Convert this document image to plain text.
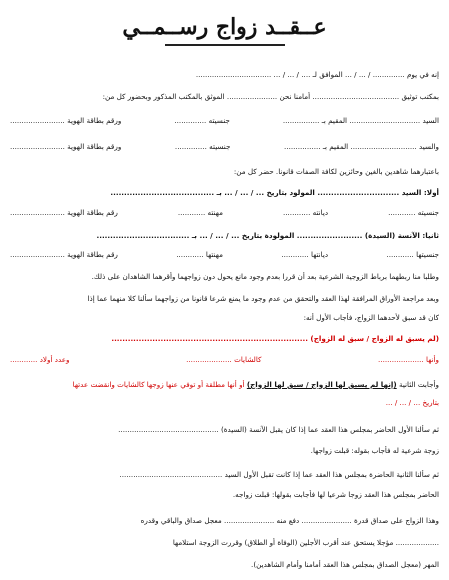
عــقــد زواج رســمــي
إنه في يوم .............. / ... / ... الموافق لـ .... / ... / ... .................................
بمكتب توثيق ...................................... أمامنا نحن ...................... الموثق بالمكتب المذكور وبحضور كل من:
السيد ............................... المقيم بـ ................
جنسيته ..............
ورقم بطاقة الهوية ........................
والسيد ............................. المقيم بـ ................
جنسيته ..............
ورقم بطاقة الهوية ........................
باعتبارهما شاهدين بالغين وحائزين لكافة الصفات قانونا. حضر كل من:
أولا: السيد .............................. المولود بتاريخ ... / ... / ... بـ ......................................
جنسيته ............
ديانته ............
مهنته ............
رقم بطاقة الهوية ........................
ثانيا: الآنسة (السيدة) ........................ المولودة بتاريخ ... / ... / ... بـ ..................................
جنسيتها ............
ديانتها ............
مهنتها ............
رقم بطاقة الهوية ........................
وطلبا منا ربطهما برباط الزوجية الشرعية بعد أن قررا بعدم وجود مانع يحول دون زواجهما وأقرهما الشاهدان على ذلك.
وبعد مراجعة الأوراق المرافقة لهذا العقد والتحقق من عدم وجود ما يمنع شرعا قانونا من زواجهما سألنا كلا منهما عما إذا
كان قد سبق لأحدهما الزواج، فأجاب الأول أنه:
(لم يسبق له الزواج / سبق له الزواج) ........................................................................
وأنها ....................
كالشايات ....................
وعدد أولاد ............
وأجابت الثانية (إنها لم يسبق لها الزواج / سبق لها الزواج) أو أنها مطلقة أو توفي عنها زوجها كالشايات وانقضت عدتها
بتاريخ ... / ... / ...
ثم سألنا الأول الحاضر بمجلس هذا العقد عما إذا كان يقبل الآنسة (السيدة) ............................................
زوجة شرعية له فأجاب بقوله: قبلت زواجها.
ثم سألنا الثانية الحاضرة بمجلس هذا العقد عما إذا كانت تقبل الأول السيد .............................................
الحاضر بمجلس هذا العقد زوجا شرعيا لها فأجابت بقولها: قبلت زواجه.
وهذا الزواج على صداق قدرة ...................... دفع منه ...................... معجل صداق والباقي وقدره
................... مؤجلا يستحق عند أقرب الأجلين (الوفاة أو الطلاق) وقررت الزوجة استلامها
المهر (معجل الصداق بمجلس هذا العقد أمامنا وأمام الشاهدين).
